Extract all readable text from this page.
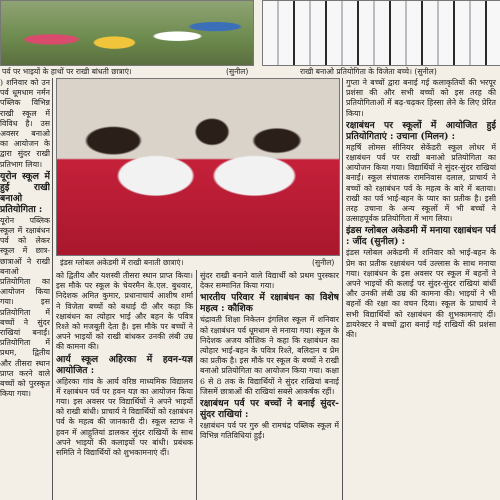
पर्व पर भाइयों के हाथों पर राखी बांधती छात्राएं।	(सुनील)	राखी बनाओ प्रतियोगिता के विजेता बच्चे। (सुनील)

) शनिवार को उन पर्व धूमधाम नर्मन पब्लिक विभिन्न राखी स्कूल में विविध है। उस अवसर बनाओ का आयोजन के द्वारा सुंदर राखी प्रतिभाग लिया।

यूरोन स्कूल में हुई राखी बनाओ प्रतियोगिता :

यूरोन पब्लिक स्कूल में रक्षाबंधन पर्व को लेकर स्कूल में छात्र-छात्राओं ने राखी बनाओ प्रतियोगिता का आयोजन किया गया। इस प्रतियोगिता में बच्चों ने सुंदर राखियां बनाईं। प्रतियोगिता में प्रथम, द्वितीय और तीसरा स्थान प्राप्त करने वाले बच्चों को पुरस्कृत किया गया।

इंडस ग्लोबल अकेडमी में राखी बनाती छात्राएं।	(सुनील)

को द्वितीय और यशस्वी तीसरा स्थान प्राप्त किया। इस मौके पर स्कूल के चेयरमैन के.एल. बुधवार, निदेशक अमित कुमार, प्रधानाचार्य आशीष शर्मा ने विजेता बच्चों को बधाई दी और कहा कि रक्षाबंधन का त्योहार भाई और बहन के पवित्र रिश्ते को मजबूती देता है। इस मौके पर बच्चों ने अपने भाइयों को राखी बांधकर उनकी लंबी उम्र की कामना की।

आर्य स्कूल अहिरका में हवन-यज्ञ आयोजित :

अहिरका गांव के आर्य वरिष्ठ माध्यमिक विद्यालय में रक्षाबंधन पर्व पर हवन यज्ञ का आयोजन किया गया। इस अवसर पर विद्यार्थियों ने अपने भाइयों को राखी बांधी। प्राचार्य ने विद्यार्थियों को रक्षाबंधन पर्व के महत्व की जानकारी दी। स्कूल स्टाफ ने हवन में आहुतियां डालकर सुंदर राखियों के साथ अपने भाइयों की कलाइयों पर बांधी। प्रबंधक समिति ने विद्यार्थियों को शुभकामनाएं दीं।

सुंदर राखी बनाने वाले विद्यार्थी को प्रथम पुरस्कार देकर सम्मानित किया गया।

भारतीय परिवार में रक्षाबंधन का विशेष महत्व : कौशिक

चंद्रावती शिक्षा निकेतन इंगलिश स्कूल में शनिवार को रक्षाबंधन पर्व धूमधाम से मनाया गया। स्कूल के निदेशक अजय कौशिक ने कहा कि रक्षाबंधन का त्योहार भाई-बहन के पवित्र रिश्ते, बलिदान व प्रेम का प्रतीक है। इस मौके पर स्कूल के बच्चों ने राखी बनाओ प्रतियोगिता का आयोजन किया गया। कक्षा 6 से 8 तक के विद्यार्थियों ने सुंदर राखियां बनाई जिसमें छात्राओं की राखियां सबसे आकर्षक रहीं।

रक्षाबंधन पर्व पर बच्चों ने बनाई सुंदर-सुंदर राखियां :

रक्षाबंधन पर्व पर गुरु श्री रामचंद्र पब्लिक स्कूल में विभिन्न गतिविधियां हुईं।

गुप्ता ने बच्चों द्वारा बनाई गई कलाकृतियों की भरपूर प्रशंसा की और सभी बच्चों को इस तरह की प्रतियोगिताओं में बढ़-चढ़कर हिस्सा लेने के लिए प्रेरित किया।

रक्षाबंधन पर स्कूलों में आयोजित हुई प्रतियोगिताएं : उचाना (मिलन) :

महर्षि लोमस सीनियर सेकेंडरी स्कूल लोधर में रक्षाबंधन पर्व पर राखी बनाओ प्रतियोगिता का आयोजन किया गया। विद्यार्थियों ने सुंदर-सुंदर राखियां बनाईं। स्कूल संचालक रामनिवास दलाल, प्राचार्य ने बच्चों को रक्षाबंधन पर्व के महत्व के बारे में बताया। राखी का पर्व भाई-बहन के प्यार का प्रतीक है। इसी तरह उचाना के अन्य स्कूलों में भी बच्चों ने उत्साहपूर्वक प्रतियोगिता में भाग लिया।

इंडस ग्लोबल अकेडमी में मनाया रक्षाबंधन पर्व : जींद (सुनील) :

इंडस ग्लोबल अकेडमी में शनिवार को भाई-बहन के प्रेम का प्रतीक रक्षाबंधन पर्व उल्लास के साथ मनाया गया। रक्षाबंधन के इस अवसर पर स्कूल में बहनों ने अपने भाइयों की कलाई पर सुंदर-सुंदर राखियां बांधीं और उनकी लंबी उम्र की कामना की। भाइयों ने भी बहनों की रक्षा का वचन दिया। स्कूल के प्राचार्य ने सभी विद्यार्थियों को रक्षाबंधन की शुभकामनाएं दीं। डायरेक्टर ने बच्चों द्वारा बनाई गई राखियों की प्रशंसा की।
